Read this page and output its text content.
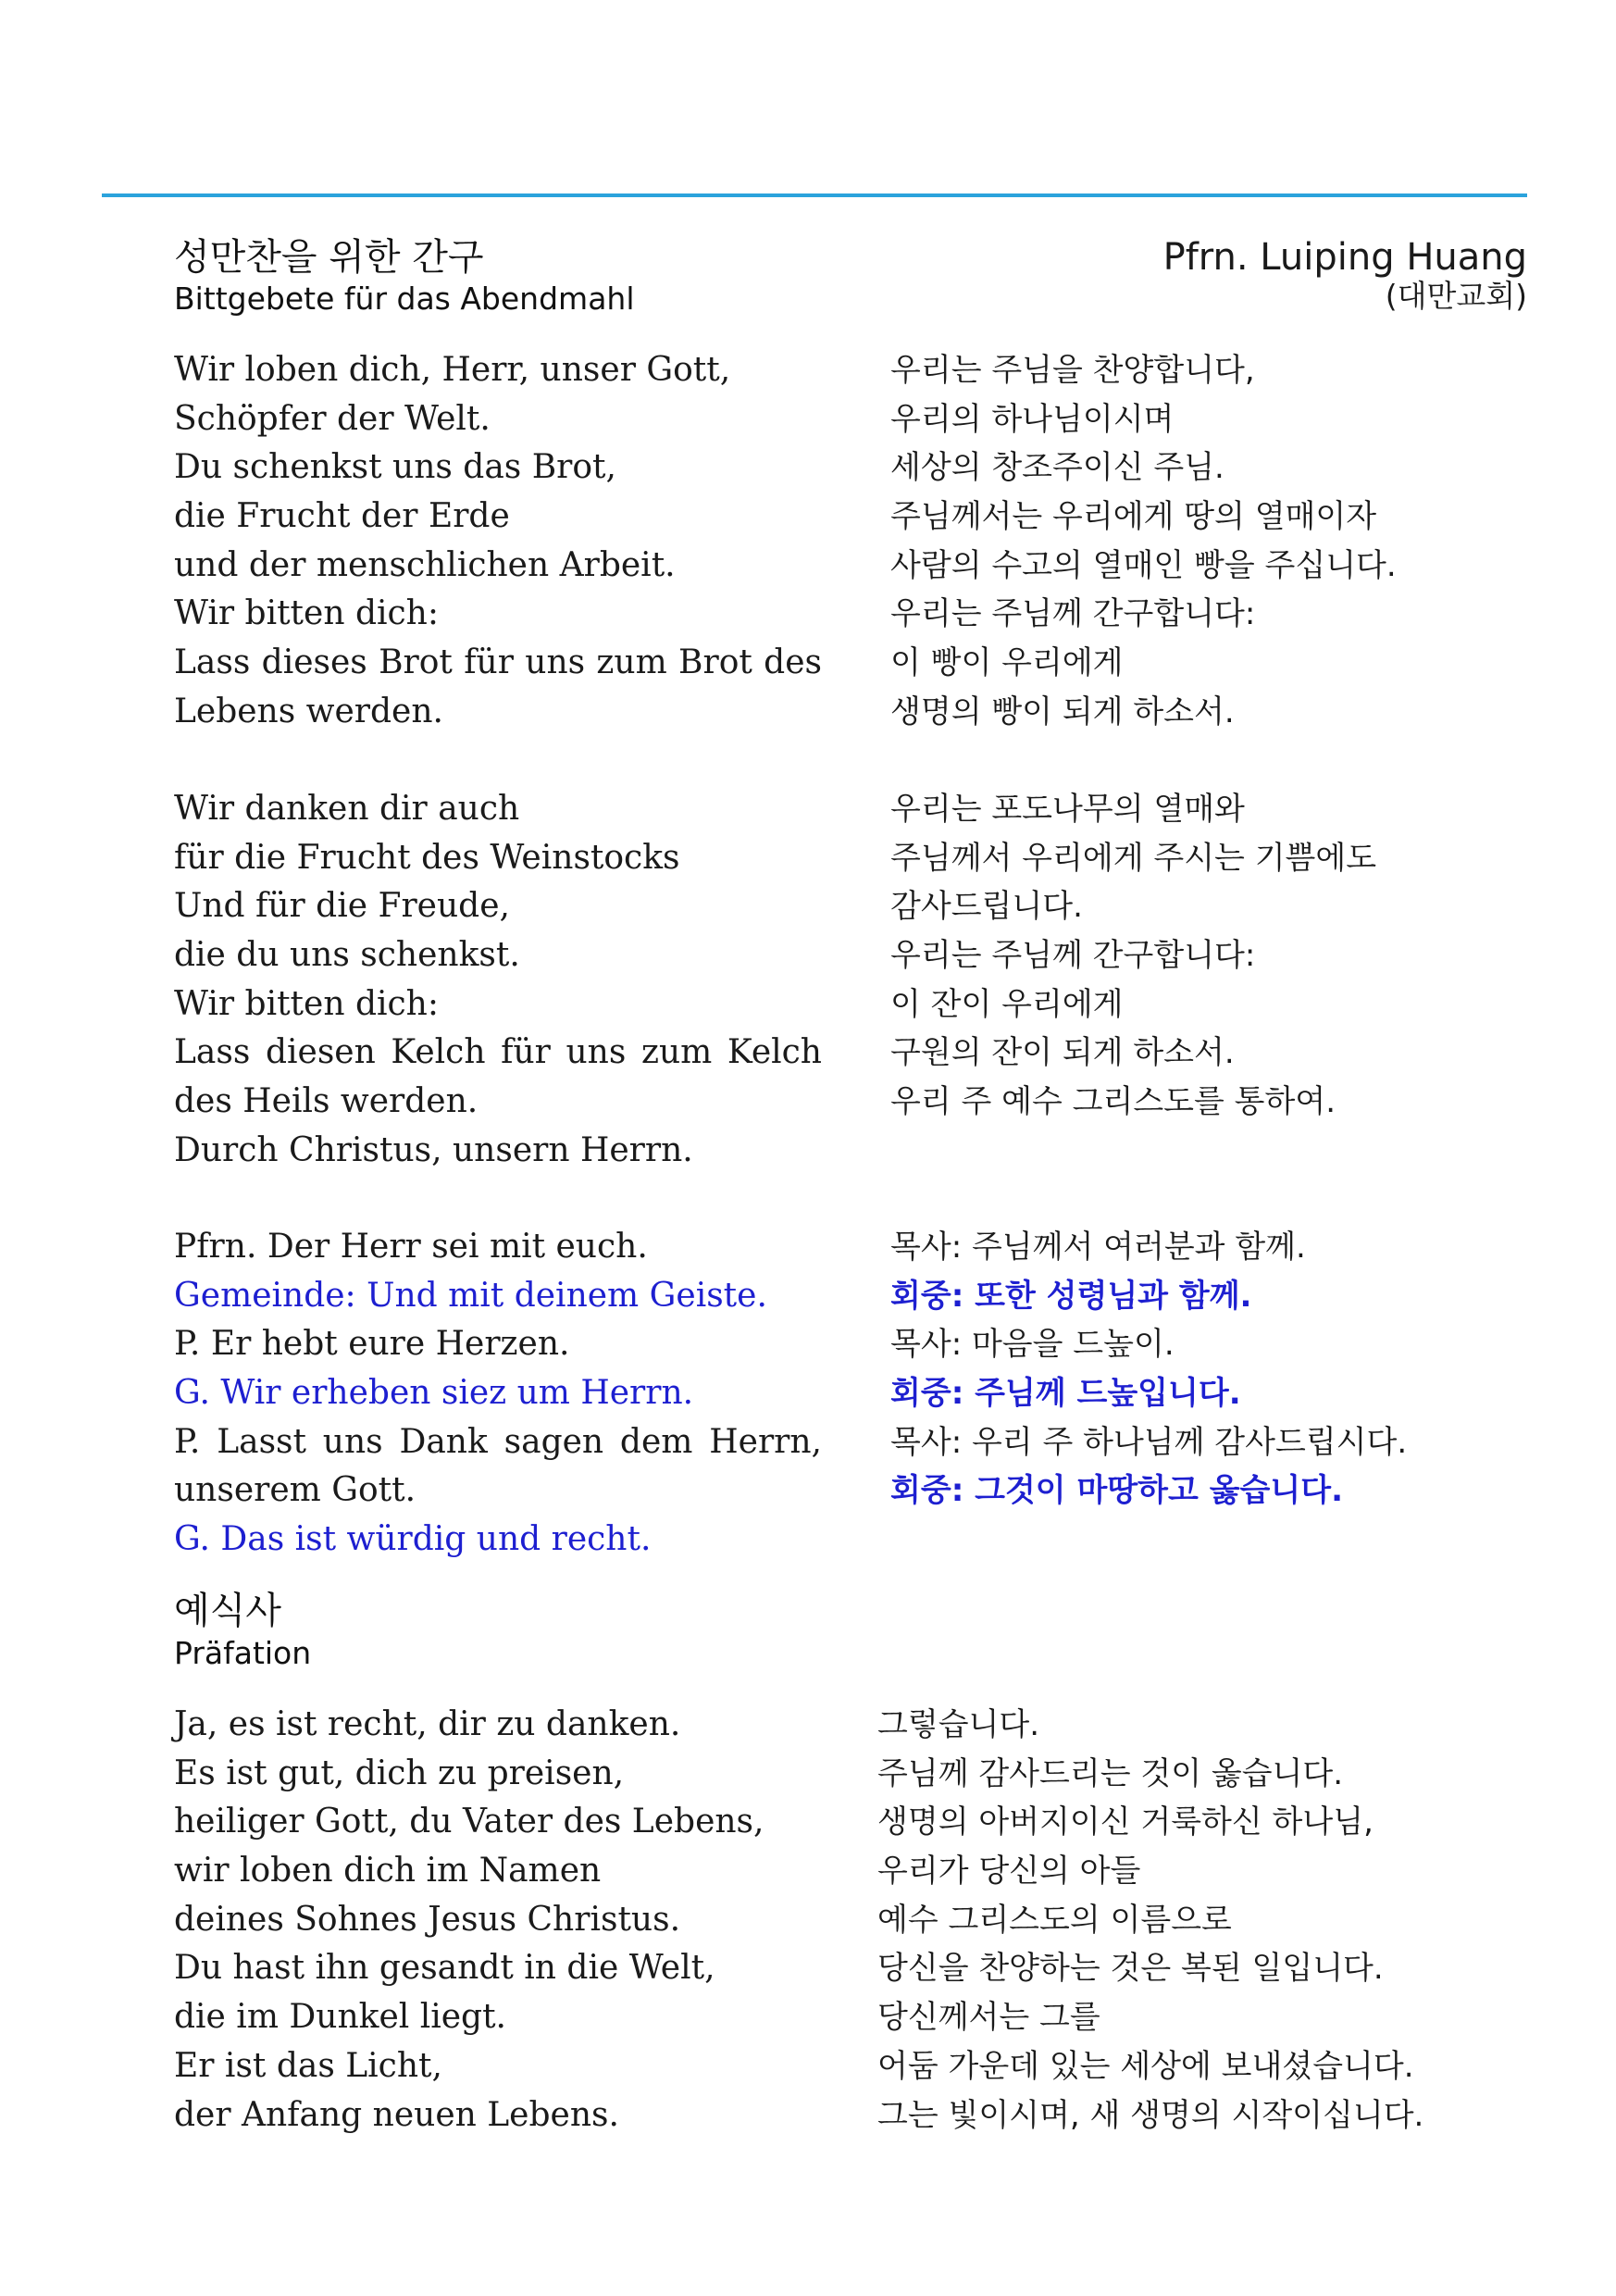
성만찬을 위한 간구
Bittgebete für das Abendmahl
Pfrn. Luiping Huang
(대만교회)
Wir loben dich, Herr, unser Gott,
Schöpfer der Welt.
Du schenkst uns das Brot,
die Frucht der Erde
und der menschlichen Arbeit.
Wir bitten dich:
Lass dieses Brot für uns zum Brot des
Lebens werden.
우리는 주님을 찬양합니다,
우리의 하나님이시며
세상의 창조주이신 주님.
주님께서는 우리에게 땅의 열매이자
사람의 수고의 열매인 빵을 주십니다.
우리는 주님께 간구합니다:
이 빵이 우리에게
생명의 빵이 되게 하소서.
Wir danken dir auch
für die Frucht des Weinstocks
Und für die Freude,
die du uns schenkst.
Wir bitten dich:
Lass diesen Kelch für uns zum Kelch
des Heils werden.
Durch Christus, unsern Herrn.
우리는 포도나무의 열매와
주님께서 우리에게 주시는 기쁨에도
감사드립니다.
우리는 주님께 간구합니다:
이 잔이 우리에게
구원의 잔이 되게 하소서.
우리 주 예수 그리스도를 통하여.
Pfrn. Der Herr sei mit euch.
Gemeinde: Und mit deinem Geiste.
P. Er hebt eure Herzen.
G. Wir erheben siez um Herrn.
P. Lasst uns Dank sagen dem Herrn,
unserem Gott.
G. Das ist würdig und recht.
목사: 주님께서 여러분과 함께.
회중: 또한 성령님과 함께.
목사: 마음을 드높이.
회중: 주님께 드높입니다.
목사: 우리 주 하나님께 감사드립시다.
회중: 그것이 마땅하고 옳습니다.
예식사
Präfation
Ja, es ist recht, dir zu danken.
Es ist gut, dich zu preisen,
heiliger Gott, du Vater des Lebens,
wir loben dich im Namen
deines Sohnes Jesus Christus.
Du hast ihn gesandt in die Welt,
die im Dunkel liegt.
Er ist das Licht,
der Anfang neuen Lebens.
그렇습니다.
주님께 감사드리는 것이 옳습니다.
생명의 아버지이신 거룩하신 하나님,
우리가 당신의 아들
예수 그리스도의 이름으로
당신을 찬양하는 것은 복된 일입니다.
당신께서는 그를
어둠 가운데 있는 세상에 보내셨습니다.
그는 빛이시며, 새 생명의 시작이십니다.
